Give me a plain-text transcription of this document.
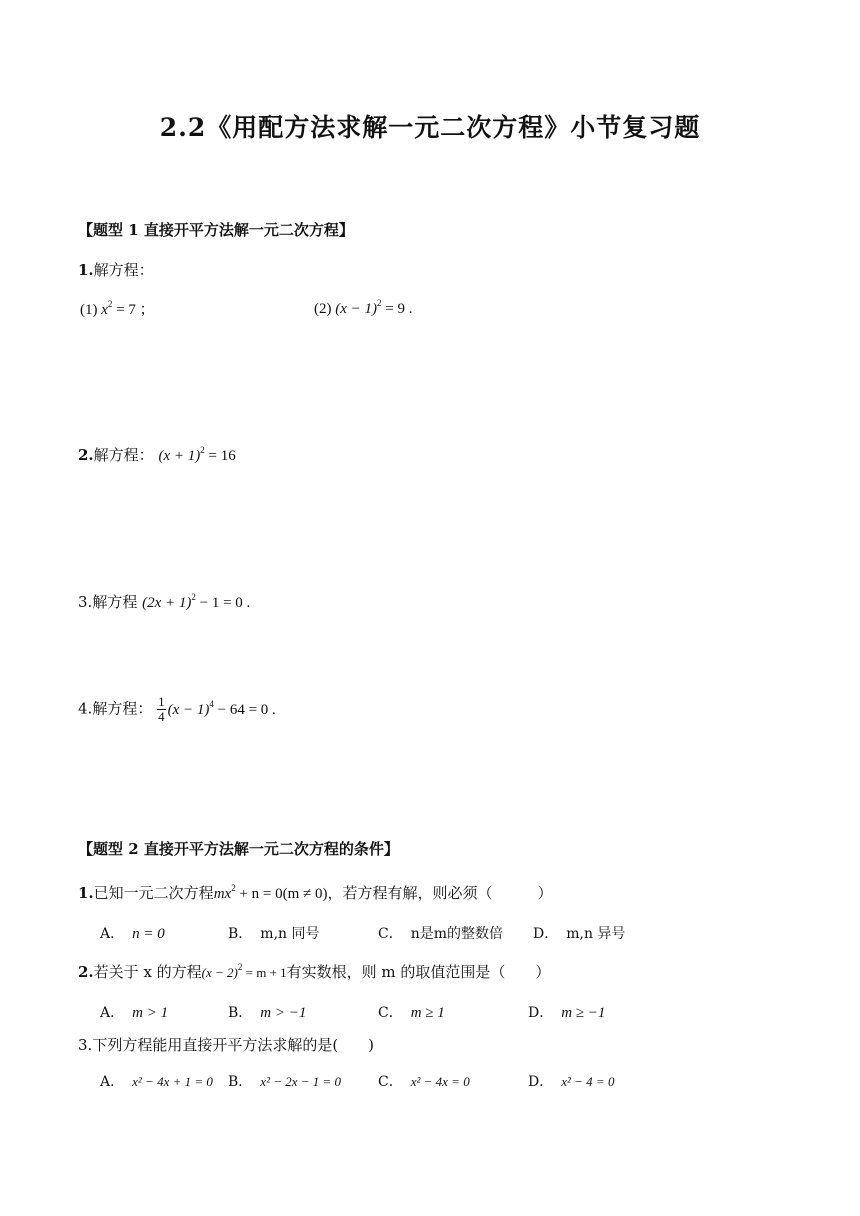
2.2《用配方法求解一元二次方程》小节复习题
【题型 1 直接开平方法解一元二次方程】
1.解方程：
(1) $x^2 = 7$ ；	(2) $(x - 1)^2 = 9$ .
2.解方程： $(x + 1)^2 = 16$
3.解方程 $(2x + 1)^2 - 1 = 0$ .
4.解方程： $\frac{1}{4} (x - 1)^4 - 64 = 0$ .
【题型 2 直接开平方法解一元二次方程的条件】
1.已知一元二次方程$mx^2 + n = 0(m \ne 0)$，若方程有解，则必须（　　　）
A． n = 0	B． m,n 同号	C． n是m的整数倍 D． m,n 异号
2.若关于 x 的方程$(x - 2)^2 = m + 1$有实数根，则 m 的取值范围是（　　）
A． m > 1	B． m > −1	C． m ≥ 1	D． m ≥ −1
3.下列方程能用直接开平方法求解的是(　　)
A． x² − 4x + 1 = 0 B． x² − 2x − 1 = 0	C． x² − 4x = 0	D． x² − 4 = 0
